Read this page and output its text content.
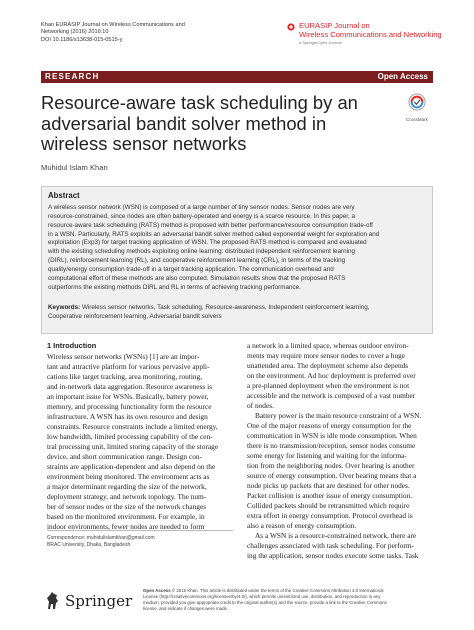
Khan EURASIP Journal on Wireless Communications and
Networking (2016) 2016:10
DOI 10.1186/s13638-015-0515-y
EURASIP Journal on
Wireless Communications and Networking
a SpringerOpen Journal
RESEARCH	Open Access
Resource-aware task scheduling by an
adversarial bandit solver method in
wireless sensor networks
CrossMark
Muhidul Islam Khan
Abstract
A wireless sensor network (WSN) is composed of a large number of tiny sensor nodes. Sensor nodes are very
resource-constrained, since nodes are often battery-operated and energy is a scarce resource. In this paper, a
resource-aware task scheduling (RATS) method is proposed with better performance/resource consumption trade-off
in a WSN. Particularly, RATS exploits an adversarial bandit solver method called exponential weight for exploration and
exploitation (Exp3) for target tracking application of WSN. The proposed RATS method is compared and evaluated
with the existing scheduling methods exploiting online learning: distributed independent reinforcement learning
(DIRL), reinforcement learning (RL), and cooperative reinforcement learning (CRL), in terms of the tracking
quality/energy consumption trade-off in a target tracking application. The communication overhead and
computational effort of these methods are also computed. Simulation results show that the proposed RATS
outperforms the existing methods DIRL and RL in terms of achieving tracking performance.
Keywords: Wireless sensor networks, Task scheduling, Resource-awareness, Independent reinforcement learning,
Cooperative reinforcement learning, Adversarial bandit solvers
1 Introduction
Wireless sensor networks (WSNs) [1] are an impor-
tant and attractive platform for various pervasive appli-
cations like target tracking, area monitoring, routing,
and in-network data aggregation. Resource awareness is
an important issue for WSNs. Basically, battery power,
memory, and processing functionality form the resource
infrastructure. A WSN has its own resource and design
constraints. Resource constraints include a limited energy,
low bandwidth, limited processing capability of the cen-
tral processing unit, limited storing capacity of the storage
device, and short communication range. Design con-
straints are application-dependent and also depend on the
environment being monitored. The environment acts as
a major determinant regarding the size of the network,
deployment strategy, and network topology. The num-
ber of sensor nodes or the size of the network changes
based on the monitored environment. For example, in
indoor environments, fewer nodes are needed to form
a network in a limited space, whereas outdoor environ-
ments may require more sensor nodes to cover a huge
unattended area. The deployment scheme also depends
on the environment. Ad hoc deployment is preferred over
a pre-planned deployment when the environment is not
accessible and the network is composed of a vast number
of nodes.
Battery power is the main resource constraint of a WSN.
One of the major reasons of energy consumption for the
communication in WSN is idle mode consumption. When
there is no transmission/reception, sensor nodes consume
some energy for listening and waiting for the informa-
tion from the neighboring nodes. Over hearing is another
source of energy consumption. Over hearing means that a
node picks up packets that are destined for other nodes.
Packet collision is another issue of energy consumption.
Collided packets should be retransmitted which require
extra effort in energy consumption. Protocol overhead is
also a reason of energy consumption.
As a WSN is a resource-constrained network, there are
challenges associated with task scheduling. For perform-
ing the application, sensor nodes execute some tasks. Task
Correspondence: muhidulislamkhan@gmail.com
BRAC University, Dhaka, Bangladesh
Springer
Open Access © 2016 Khan. This article is distributed under the terms of the Creative Commons Attribution 4.0 International
License (http://creativecommons.org/licenses/by/4.0/), which permits unrestricted use, distribution, and reproduction in any
medium, provided you give appropriate credit to the original author(s) and the source, provide a link to the Creative Commons
license, and indicate if changes were made.
